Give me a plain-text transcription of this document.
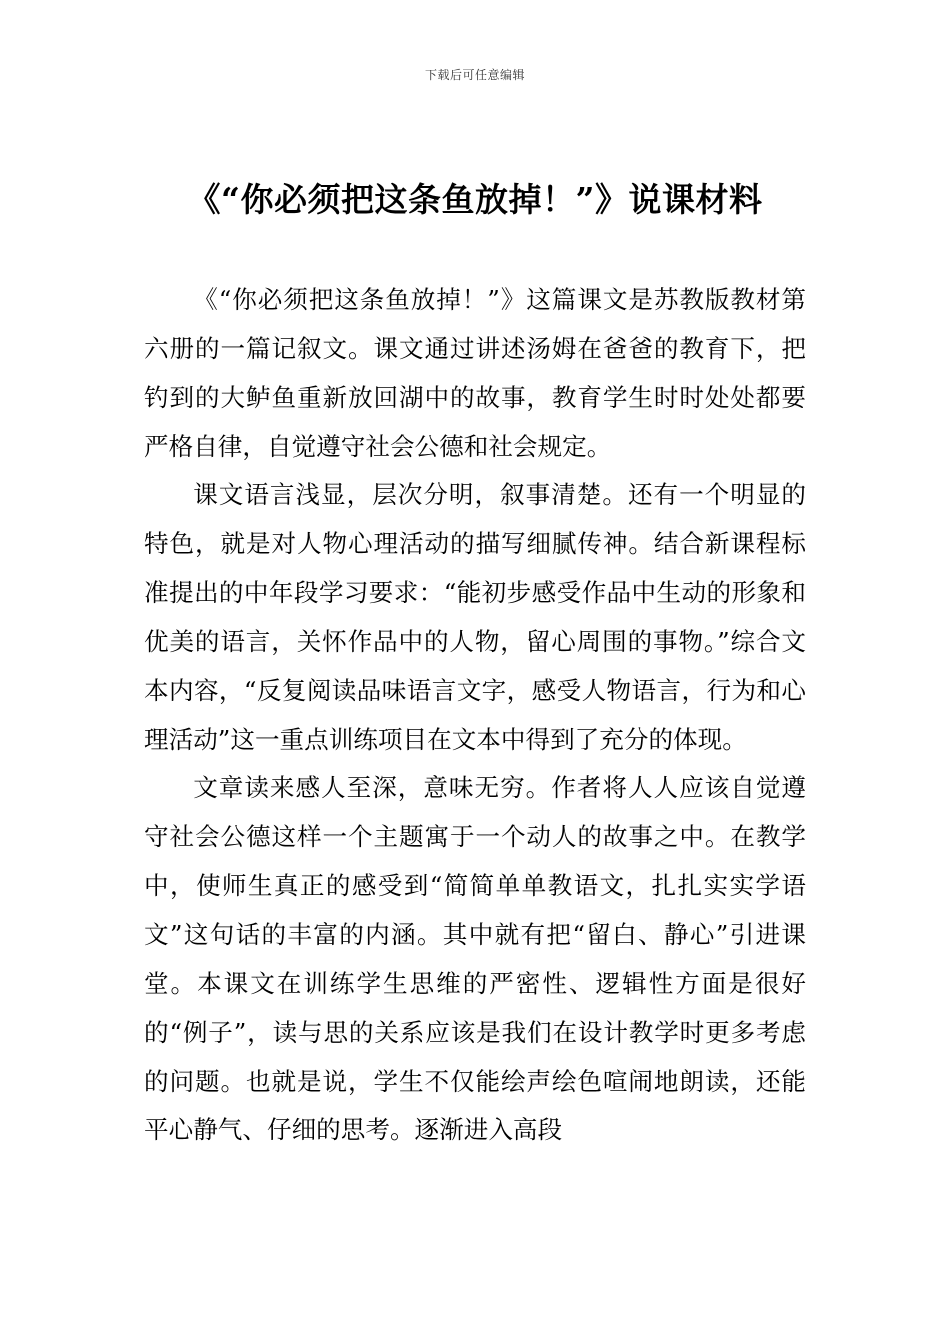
下载后可任意编辑
《“你必须把这条鱼放掉！”》说课材料

《“你必须把这条鱼放掉！”》这篇课文是苏教版教材第六册的一篇记叙文。课文通过讲述汤姆在爸爸的教育下，把钓到的大鲈鱼重新放回湖中的故事，教育学生时时处处都要严格自律，自觉遵守社会公德和社会规定。

课文语言浅显，层次分明，叙事清楚。还有一个明显的特色，就是对人物心理活动的描写细腻传神。结合新课程标准提出的中年段学习要求：“能初步感受作品中生动的形象和优美的语言，关怀作品中的人物，留心周围的事物。”综合文本内容，“反复阅读品味语言文字，感受人物语言，行为和心理活动”这一重点训练项目在文本中得到了充分的体现。

文章读来感人至深，意味无穷。作者将人人应该自觉遵守社会公德这样一个主题寓于一个动人的故事之中。在教学中，使师生真正的感受到“简简单单教语文，扎扎实实学语文”这句话的丰富的内涵。其中就有把“留白、静心”引进课堂。本课文在训练学生思维的严密性、逻辑性方面是很好的“例子”，读与思的关系应该是我们在设计教学时更多考虑的问题。也就是说，学生不仅能绘声绘色喧闹地朗读，还能平心静气、仔细的思考。逐渐进入高段
